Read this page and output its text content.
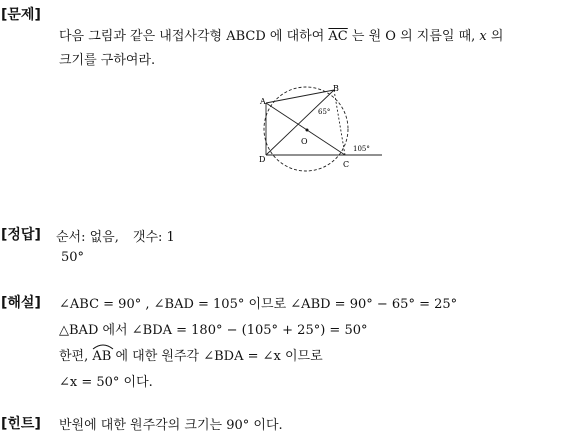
[문제]
다음 그림과 같은 내접사각형 ABCD 에 대하여 $\overline{AC}$ 는 원 O 의 지름일 때, x 의
크기를 구하여라.
A
B
C
D
O
65°
105°
[정답] 순서: 없음, 갯수: 1
50°
[해설] ∠ABC = 90° , ∠BAD = 105° 이므로 ∠ABD = 90° − 65° = 25°
△BAD 에서 ∠BDA = 180° − (105° + 25°) = 50°
한편,
AB 에 대한 원주각 ∠BDA = ∠x 이므로
∠x = 50° 이다.
[힌트] 반원에 대한 원주각의 크기는 90° 이다.
